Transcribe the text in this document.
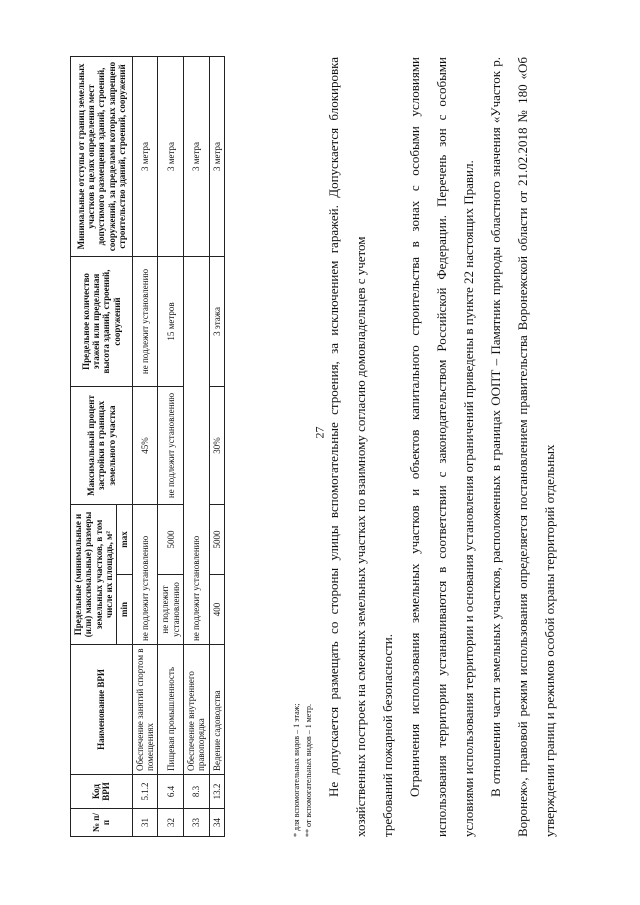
27
№ п/п	Код ВРИ	Наименование ВРИ	Предельные (минимальные и (или) максимальные) размеры земельных участков, в том числе их площадь, м²		Максимальный процент застройки в границах земельного участка	Предельное количество этажей или предельная высота зданий, строений, сооружений	Минимальные отступы от границ земельных участков в целях определения мест допустимого размещения зданий, строений, сооружений, за пределами которых запрещено строительство зданий, строений, сооружений
			min	max			
31	5.1.2	Обеспечение занятий спортом в помещениях	не подлежит установлению		45%	не подлежит установлению	3 метра
32	6.4	Пищевая промышленность	не подлежит установлению	5000	не подлежит установлению	15 метров	3 метра
33	8.3	Обеспечение внутреннего правопорядка	не подлежит установлению				3 метра
34	13.2	Ведение садоводства	400	5000	30%	3 этажа	3 метра
* для вспомогательных видов – 1 этаж; ** от вспомогательных видов – 1 метр.	Не допускается размещать со стороны улицы вспомогательные строения, за исключением гаражей. Допускается блокировка хозяйственных построек на смежных земельных участках по взаимному согласию домовладельцев с учетом требований пожарной безопасности. Ограничения использования земельных участков и объектов капитального строительства в зонах с особыми условиями использования территории устанавливаются в соответствии с законодательством Российской Федерации. Перечень зон с особыми условиями использования территории и основания установления ограничений приведены в пункте 22 настоящих Правил. В отношении части земельных участков, расположенных в границах ООПТ – Памятник природы областного значения «Участок р. Воронеж», правовой режим использования определяется постановлением правительства Воронежской области от 21.02.2018 № 180 «Об утверждении границ и режимов особой охраны территорий отдельных
